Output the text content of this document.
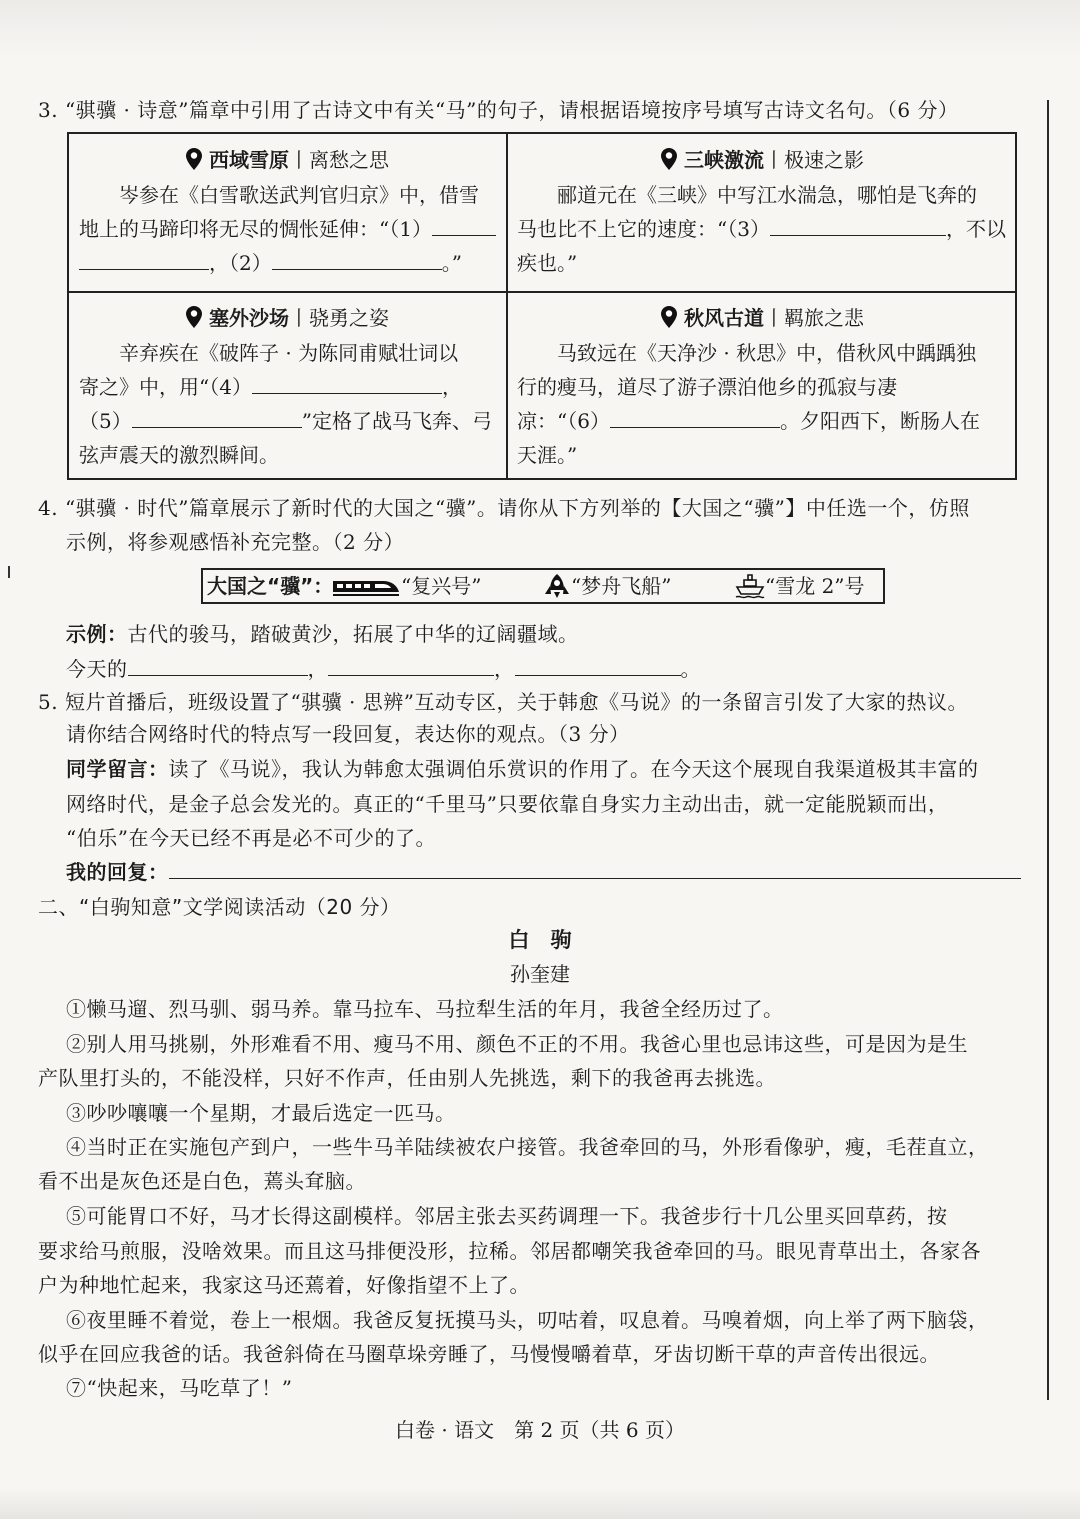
3. “骐骥 · 诗意”篇章中引用了古诗文中有关“马”的句子，请根据语境按序号填写古诗文名句。（6 分）
西域雪原丨离愁之思
岑参在《白雪歌送武判官归京》中，借雪
地上的马蹄印将无尽的惆怅延伸：“（1）
，（2）	。”
三峡激流丨极速之影
郦道元在《三峡》中写江水湍急，哪怕是飞奔的
马也比不上它的速度：“（3）	，不以
疾也。”
塞外沙场丨骁勇之姿
辛弃疾在《破阵子 · 为陈同甫赋壮词以
寄之》中，用“（4）	，
（5）	”定格了战马飞奔、弓
弦声震天的激烈瞬间。
秋风古道丨羁旅之悲
马致远在《天净沙 · 秋思》中，借秋风中踽踽独
行的瘦马，道尽了游子漂泊他乡的孤寂与凄
凉：“（6）	。夕阳西下，断肠人在
天涯。”
4. “骐骥 · 时代”篇章展示了新时代的大国之“骥”。请你从下方列举的【大国之“骥”】中任选一个，仿照
示例，将参观感悟补充完整。（2 分）
大国之“骥”：	“复兴号”	“梦舟飞船”	“雪龙 2”号
示例：古代的骏马，踏破黄沙，拓展了中华的辽阔疆域。
今天的	，	，	。
5. 短片首播后，班级设置了“骐骥 · 思辨”互动专区，关于韩愈《马说》的一条留言引发了大家的热议。
请你结合网络时代的特点写一段回复，表达你的观点。（3 分）
同学留言：读了《马说》，我认为韩愈太强调伯乐赏识的作用了。在今天这个展现自我渠道极其丰富的
网络时代，是金子总会发光的。真正的“千里马”只要依靠自身实力主动出击，就一定能脱颖而出，
“伯乐”在今天已经不再是必不可少的了。
我的回复：
二、“白驹知意”文学阅读活动（20 分）
白　驹
孙奎建
①懒马遛、烈马驯、弱马养。靠马拉车、马拉犁生活的年月，我爸全经历过了。
②别人用马挑剔，外形难看不用、瘦马不用、颜色不正的不用。我爸心里也忌讳这些，可是因为是生
产队里打头的，不能没样，只好不作声，任由别人先挑选，剩下的我爸再去挑选。
③吵吵嚷嚷一个星期，才最后选定一匹马。
④当时正在实施包产到户，一些牛马羊陆续被农户接管。我爸牵回的马，外形看像驴，瘦，毛茬直立，
看不出是灰色还是白色，蔫头耷脑。
⑤可能胃口不好，马才长得这副模样。邻居主张去买药调理一下。我爸步行十几公里买回草药，按
要求给马煎服，没啥效果。而且这马排便没形，拉稀。邻居都嘲笑我爸牵回的马。眼见青草出土，各家各
户为种地忙起来，我家这马还蔫着，好像指望不上了。
⑥夜里睡不着觉，卷上一根烟。我爸反复抚摸马头，叨咕着，叹息着。马嗅着烟，向上举了两下脑袋，
似乎在回应我爸的话。我爸斜倚在马圈草垛旁睡了，马慢慢嚼着草，牙齿切断干草的声音传出很远。
⑦“快起来，马吃草了！”
白卷 · 语文　第 2 页（共 6 页）
